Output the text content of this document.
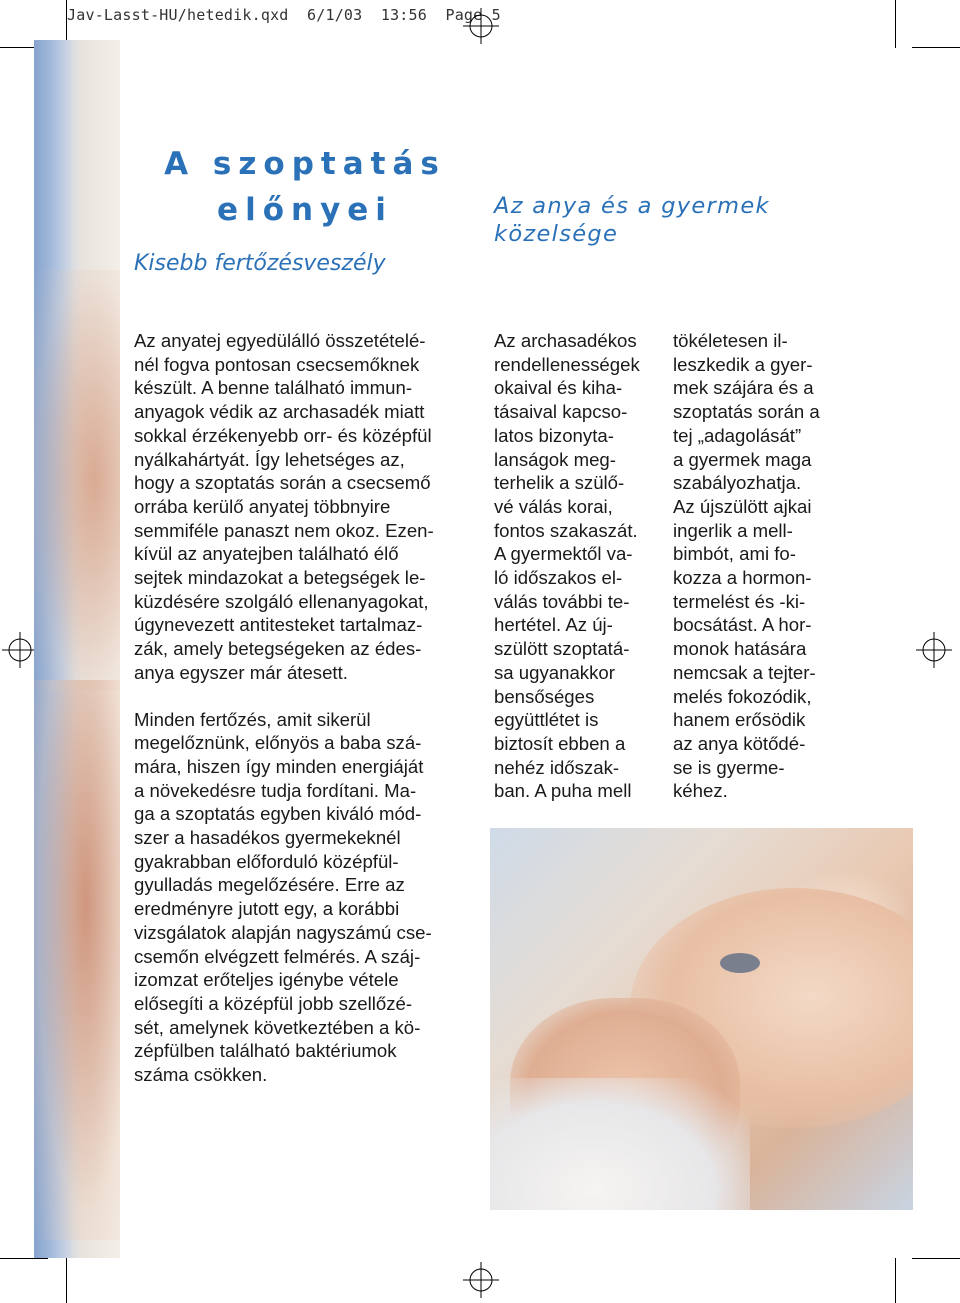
Jav-Lasst-HU/hetedik.qxd  6/1/03  13:56  Page 5
A szoptatás
előnyei
Kisebb fertőzésveszély
Az anya és a gyermek
közelsége

Az anyatej egyedülálló összetételé-
nél fogva pontosan csecsemőknek
készült. A benne található immun-
anyagok védik az archasadék miatt
sokkal érzékenyebb orr- és középfül
nyálkahártyát. Így lehetséges az,
hogy a szoptatás során a csecsemő
orrába kerülő anyatej többnyire
semmiféle panaszt nem okoz. Ezen-
kívül az anyatejben található élő
sejtek mindazokat a betegségek le-
küzdésére szolgáló ellenanyagokat,
úgynevezett antitesteket tartalmaz-
zák, amely betegségeken az édes-
anya egyszer már átesett.

Minden fertőzés, amit sikerül
megelőznünk, előnyös a baba szá-
mára, hiszen így minden energiáját
a növekedésre tudja fordítani. Ma-
ga a szoptatás egyben kiváló mód-
szer a hasadékos gyermekeknél
gyakrabban előforduló középfül-
gyulladás megelőzésére. Erre az
eredményre jutott egy, a korábbi
vizsgálatok alapján nagyszámú cse-
csemőn elvégzett felmérés. A száj-
izomzat erőteljes igénybe vétele
elősegíti a középfül jobb szellőzé-
sét, amelynek következtében a kö-
zépfülben található baktériumok
száma csökken.

Az archasadékos
rendellenességek
okaival és kiha-
tásaival kapcso-
latos bizonyta-
lanságok meg-
terhelik a szülő-
vé válás korai,
fontos szakaszát.
A gyermektől va-
ló időszakos el-
válás további te-
hertétel. Az új-
szülött szoptatá-
sa ugyanakkor
bensőséges
együttlétet is
biztosít ebben a
nehéz időszak-
ban. A puha mell

tökéletesen il-
leszkedik a gyer-
mek szájára és a
szoptatás során a
tej „adagolását”
a gyermek maga
szabályozhatja.
Az újszülött ajkai
ingerlik a mell-
bimbót, ami fo-
kozza a hormon-
termelést és -ki-
bocsátást. A hor-
monok hatására
nemcsak a tejter-
melés fokozódik,
hanem erősödik
az anya kötődé-
se is gyerme-
kéhez.
